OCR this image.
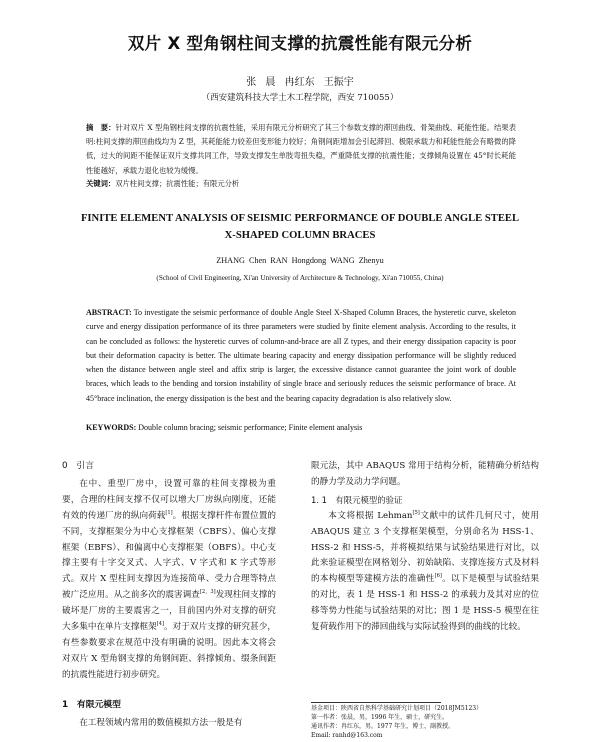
双片 X 型角钢柱间支撑的抗震性能有限元分析
张 晨 冉红东 王振宇
（西安建筑科技大学土木工程学院，西安 710055）
摘　要：针对双片 X 型角钢柱间支撑的抗震性能，采用有限元分析研究了其三个参数支撑的滞回曲线、骨架曲线、耗能性能。结果表明:柱间支撑的滞回曲线均为 Z 型，其耗能能力较差但变形能力较好；角钢间距增加会引起滞回、极限承载力和耗能性能会有略微的降低，过大的间距不能保证双片支撑共同工作，导致支撑发生单肢弯扭失稳，严重降低支撑的抗震性能；支撑倾角设置在 45°时长耗能性能越好，承载力退化也较为缓慢。
关键词：双片柱间支撑；抗震性能；有限元分析
FINITE ELEMENT ANALYSIS OF SEISMIC PERFORMANCE OF DOUBLE ANGLE STEEL
X-SHAPED COLUMN BRACES
ZHANG Chen RAN Hongdong WANG Zhenyu
(School of Civil Engineering, Xi'an University of Architecture & Technology, Xi'an 710055, China)
ABSTRACT: To investigate the seismic performance of double Angle Steel X-Shaped Column Braces, the hysteretic curve, skeleton curve and energy dissipation performance of its three parameters were studied by finite element analysis. According to the results, it can be concluded as follows: the hysteretic curves of column-and-brace are all Z types, and their energy dissipation capacity is poor but their deformation capacity is better. The ultimate bearing capacity and energy dissipation performance will be slightly reduced when the distance between angle steel and affix strip is larger, the excessive distance cannot guarantee the joint work of double braces, which leads to the bending and torsion instability of single brace and seriously reduces the seismic performance of brace. At 45°brace inclination, the energy dissipation is the best and the bearing capacity degradation is also relatively slow.
KEYWORDS: Double column bracing; seismic performance; Finite element analysis
0　引言

在中、重型厂房中，设置可靠的柱间支撑极为重要，合理的柱间支撑不仅可以增大厂房纵向刚度，还能有效的传递厂房的纵向荷载[1]。根据支撑杆件布置位置的不同，支撑框架分为中心支撑框架（CBFS）、偏心支撑框架（EBFS）、和偏离中心支撑框架（OBFS）。中心支撑主要有十字交叉式、人字式、V 字式和 K 字式等形式。双片 X 型柱间支撑因为连接简单、受力合理等特点被广泛应用。从之前多次的震害调查[2，3]发现柱间支撑的破坏是厂房的主要震害之一，目前国内外对支撑的研究大多集中在单片支撑框架[4]。对于双片支撑的研究甚少，有些参数要求在规范中没有明确的说明。因此本文将会对双片 X 型角钢支撑的角钢间距、斜撑倾角、缀条间距的抗震性能进行初步研究。

1　有限元模型

在工程领域内常用的数值模拟方法一般是有

限元法，其中 ABAQUS 常用于结构分析，能精确分析结构的静力学及动力学问题。

1. 1　有限元模型的验证

本文将根据 Lehman[5]文献中的试件几何尺寸，使用 ABAQUS 建立 3 个支撑框架模型，分别命名为 HSS-1、HSS-2 和 HSS-5，并将模拟结果与试验结果进行对比，以此来验证模型在网格划分、初始缺陷、支撑连接方式及材料的本构模型等建模方法的准确性[6]。以下是模型与试验结果的对比，表 1 是 HSS-1 和 HSS-2 的承载力及其对应的位移等势力性能与试验结果的对比；图 1 是 HSS-5 模型在往复荷载作用下的滞回曲线与实际试验得到的曲线的比较。

基金项目：陕西省自然科学基础研究计划项目（2018JM5123）
第一作者：张晨，男，1996 年生，硕士，研究生。
通讯作者：冉红东，男，1977 年生，博士，副教授。
Email: ranhd@163.com
